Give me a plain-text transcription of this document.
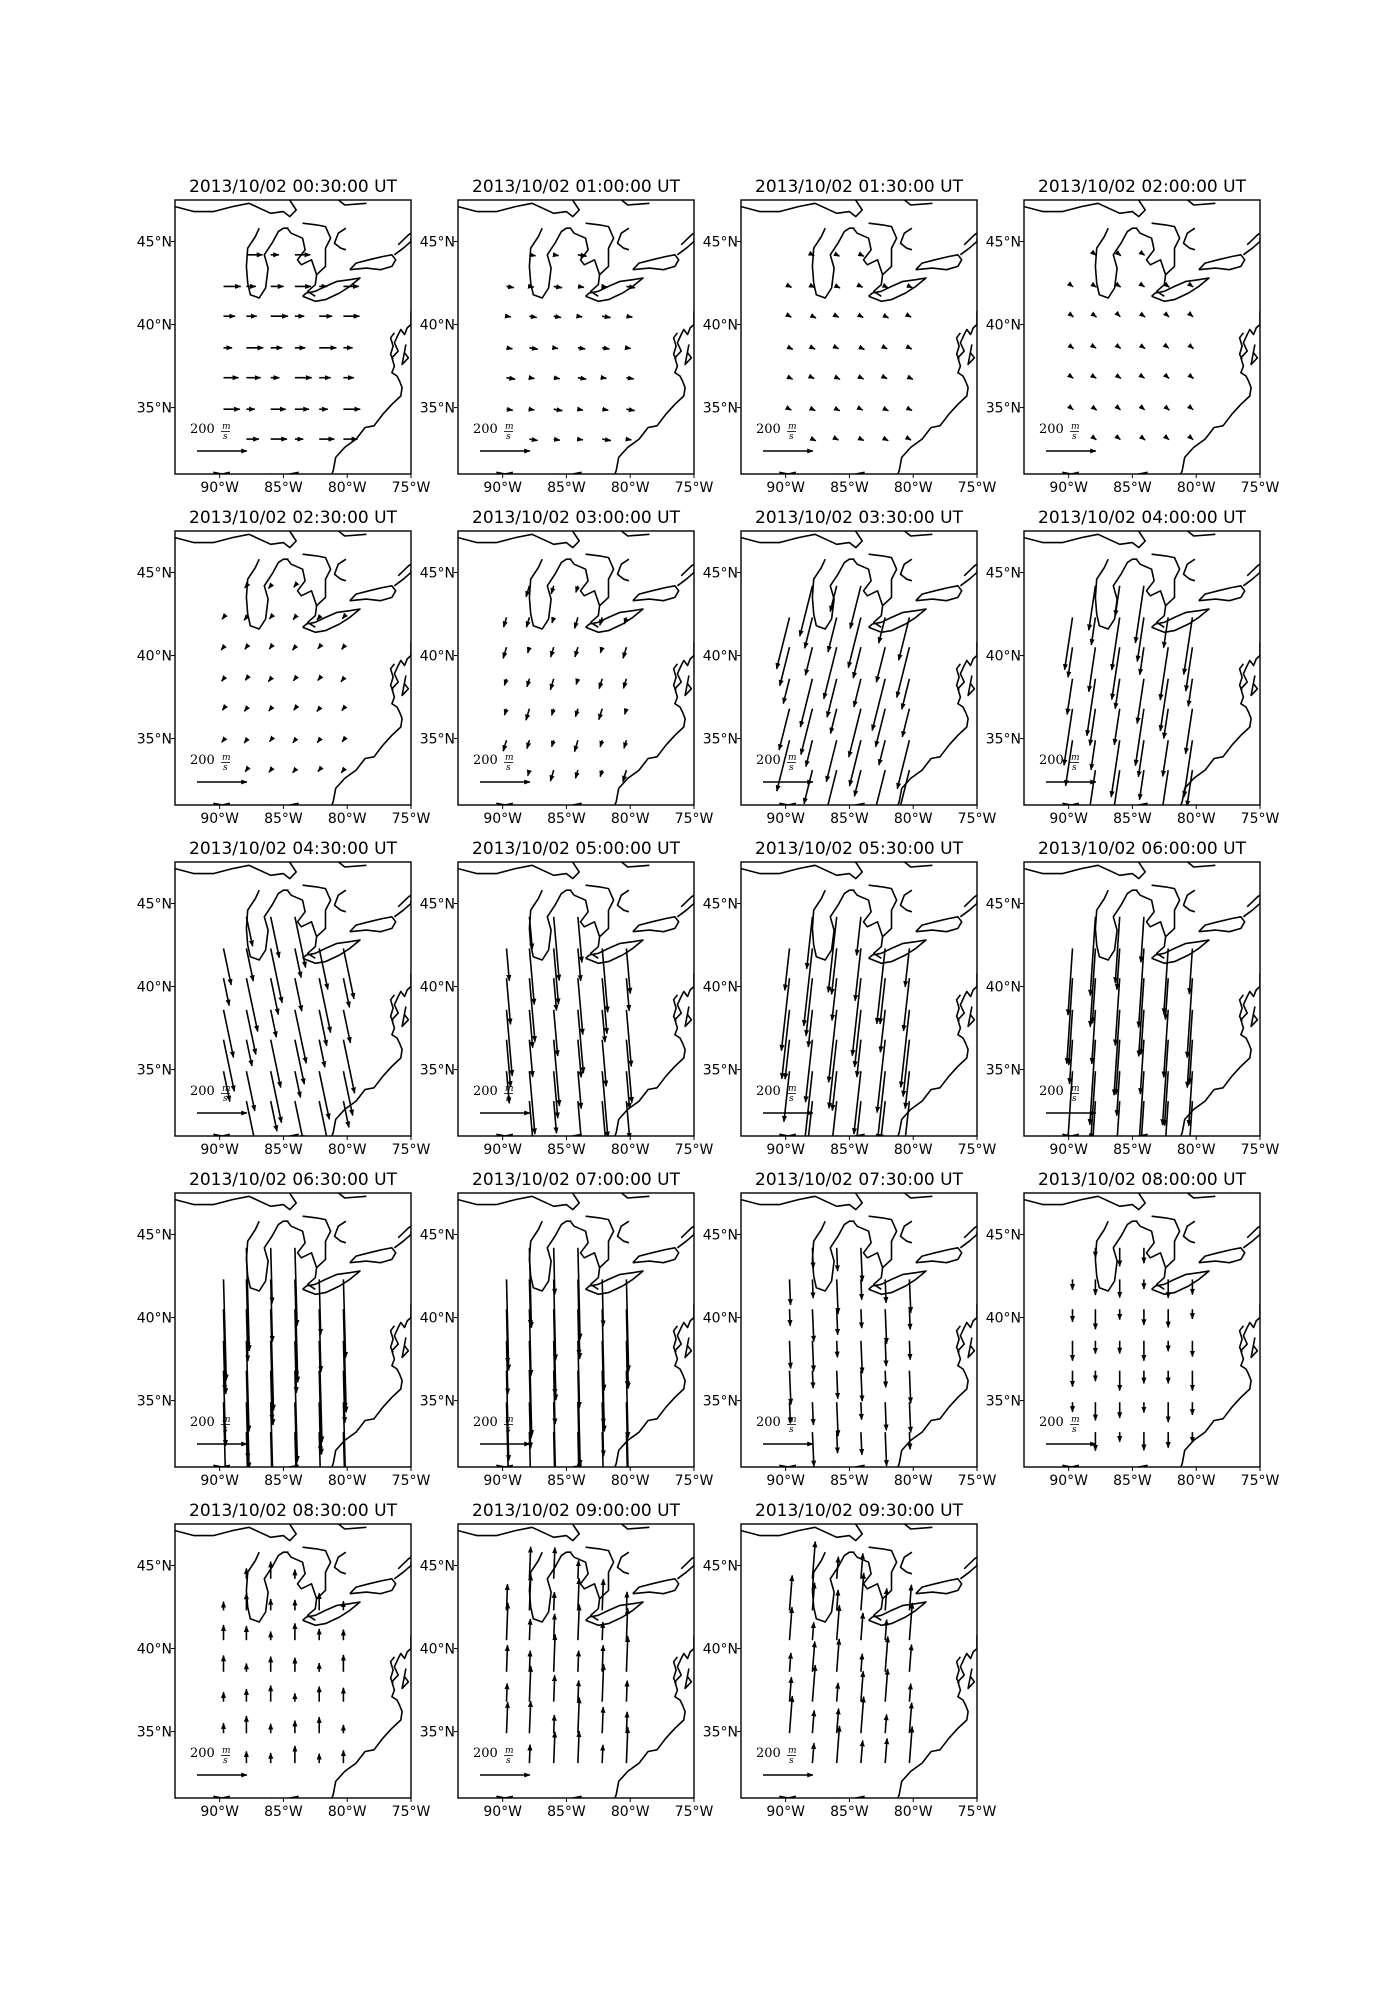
2013/10/02 00:30:00 UT
200 m
s
45°N
40°N
35°N
90°W 85°W 80°W 75°W
2013/10/02 01:00:00 UT
200 m
s
45°N
40°N
35°N
90°W 85°W 80°W 75°W
2013/10/02 01:30:00 UT
200 m
s
45°N
40°N
35°N
90°W 85°W 80°W 75°W
2013/10/02 02:00:00 UT
200 m
s
45°N
40°N
35°N
90°W 85°W 80°W 75°W
2013/10/02 02:30:00 UT
200 m
s
45°N
40°N
35°N
90°W 85°W 80°W 75°W
2013/10/02 03:00:00 UT
200 m
s
45°N
40°N
35°N
90°W 85°W 80°W 75°W
2013/10/02 03:30:00 UT
200 m
s
45°N
40°N
35°N
90°W 85°W 80°W 75°W
2013/10/02 04:00:00 UT
200 m
s
45°N
40°N
35°N
90°W 85°W 80°W 75°W
2013/10/02 04:30:00 UT
200 m
s
45°N
40°N
35°N
90°W 85°W 80°W 75°W
2013/10/02 05:00:00 UT
200 m
s
45°N
40°N
35°N
90°W 85°W 80°W 75°W
2013/10/02 05:30:00 UT
200 m
s
45°N
40°N
35°N
90°W 85°W 80°W 75°W
2013/10/02 06:00:00 UT
200 m
s
45°N
40°N
35°N
90°W 85°W 80°W 75°W
2013/10/02 06:30:00 UT
200 m
s
45°N
40°N
35°N
90°W 85°W 80°W 75°W
2013/10/02 07:00:00 UT
200 m
s
45°N
40°N
35°N
90°W 85°W 80°W 75°W
2013/10/02 07:30:00 UT
200 m
s
45°N
40°N
35°N
90°W 85°W 80°W 75°W
2013/10/02 08:00:00 UT
200 m
s
45°N
40°N
35°N
90°W 85°W 80°W 75°W
2013/10/02 08:30:00 UT
200 m
s
45°N
40°N
35°N
90°W 85°W 80°W 75°W
2013/10/02 09:00:00 UT
200 m
s
45°N
40°N
35°N
90°W 85°W 80°W 75°W
2013/10/02 09:30:00 UT
200 m
s
45°N
40°N
35°N
90°W 85°W 80°W 75°W
